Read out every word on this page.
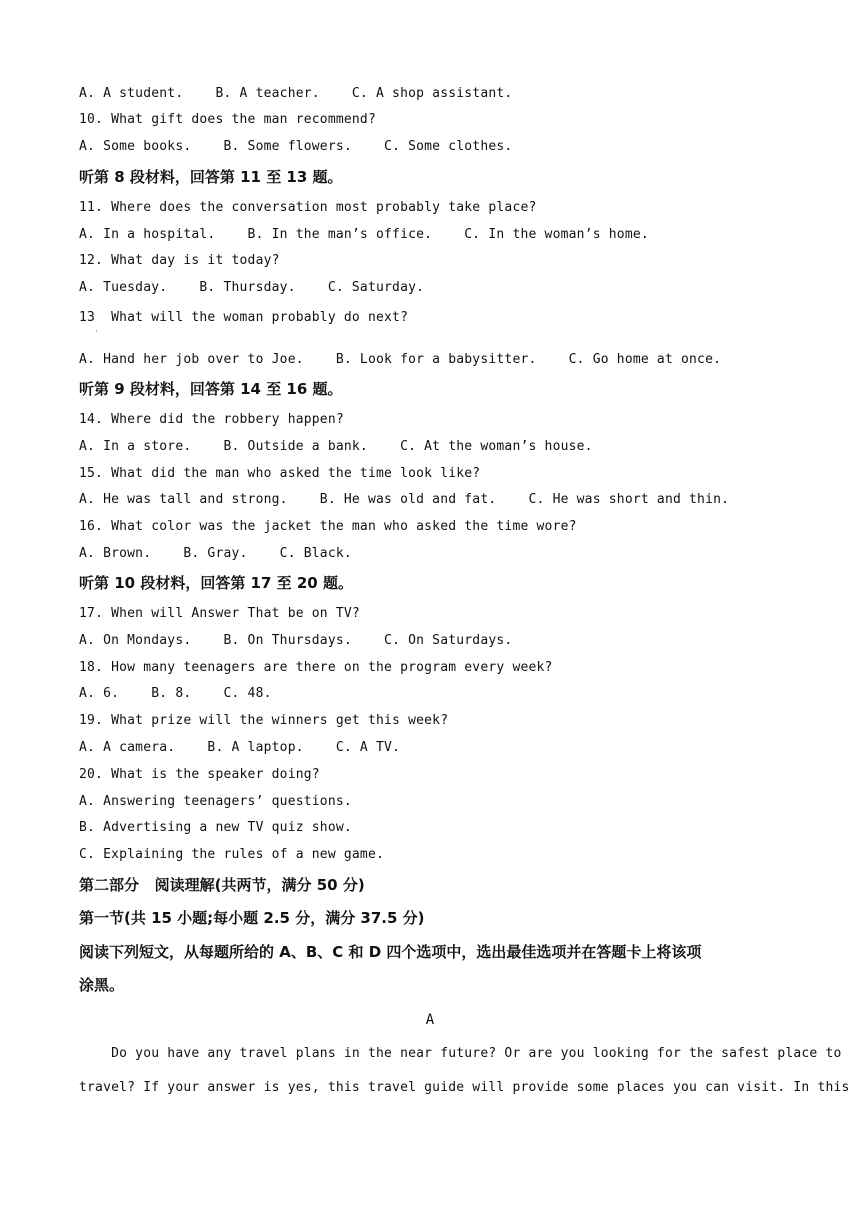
A. A student.    B. A teacher.    C. A shop assistant.
10. What gift does the man recommend?
A. Some books.    B. Some flowers.    C. Some clothes.
听第 8 段材料，回答第 11 至 13 题。
11. Where does the conversation most probably take place?
A. In a hospital.    B. In the man’s office.    C. In the woman’s home.
12. What day is it today?
A. Tuesday.    B. Thursday.    C. Saturday.
13  What will the woman probably do next?
·
A. Hand her job over to Joe.    B. Look for a babysitter.    C. Go home at once.
听第 9 段材料，回答第 14 至 16 题。
14. Where did the robbery happen?
A. In a store.    B. Outside a bank.    C. At the woman’s house.
15. What did the man who asked the time look like?
A. He was tall and strong.    B. He was old and fat.    C. He was short and thin.
16. What color was the jacket the man who asked the time wore?
A. Brown.    B. Gray.    C. Black.
听第 10 段材料，回答第 17 至 20 题。
17. When will Answer That be on TV?
A. On Mondays.    B. On Thursdays.    C. On Saturdays.
18. How many teenagers are there on the program every week?
A. 6.    B. 8.    C. 48.
19. What prize will the winners get this week?
A. A camera.    B. A laptop.    C. A TV.
20. What is the speaker doing?
A. Answering teenagers’ questions.
B. Advertising a new TV quiz show.
C. Explaining the rules of a new game.
第二部分   阅读理解(共两节，满分 50 分)
第一节(共 15 小题;每小题 2.5 分，满分 37.5 分)
阅读下列短文，从每题所给的 A、B、C 和 D 四个选项中，选出最佳选项并在答题卡上将该项
涂黑。
A
Do you have any travel plans in the near future? Or are you looking for the safest place to
travel? If your answer is yes, this travel guide will provide some places you can visit. In this
